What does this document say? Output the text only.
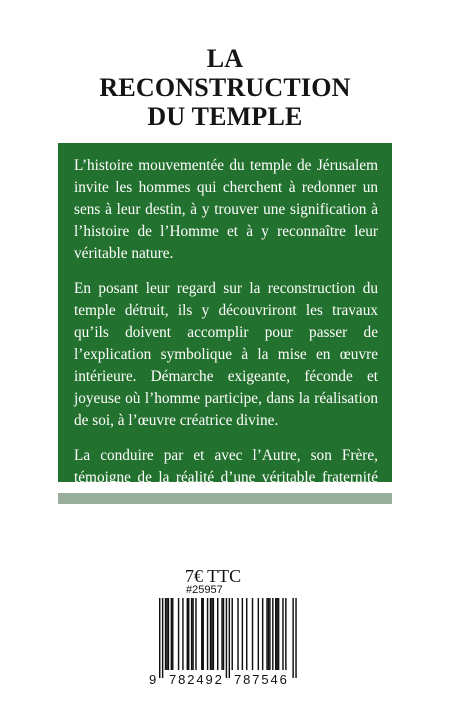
LA
RECONSTRUCTION
DU TEMPLE

L’histoire mouvementée du temple de Jérusalem invite les hommes qui cherchent à redonner un sens à leur destin, à y trouver une signification à l’histoire de l’Homme et à y reconnaître leur véritable nature.

En posant leur regard sur la reconstruction du temple détruit, ils y découvriront les travaux qu’ils doivent accomplir pour passer de l’explication symbolique à la mise en œuvre intérieure. Démarche exigeante, féconde et joyeuse où l’homme participe, dans la réalisation de soi, à l’œuvre créatrice divine.

La conduire par et avec l’Autre, son Frère, témoigne de la réalité d’une véritable fraternité

7€ TTC
#25957
9 782492 787546
